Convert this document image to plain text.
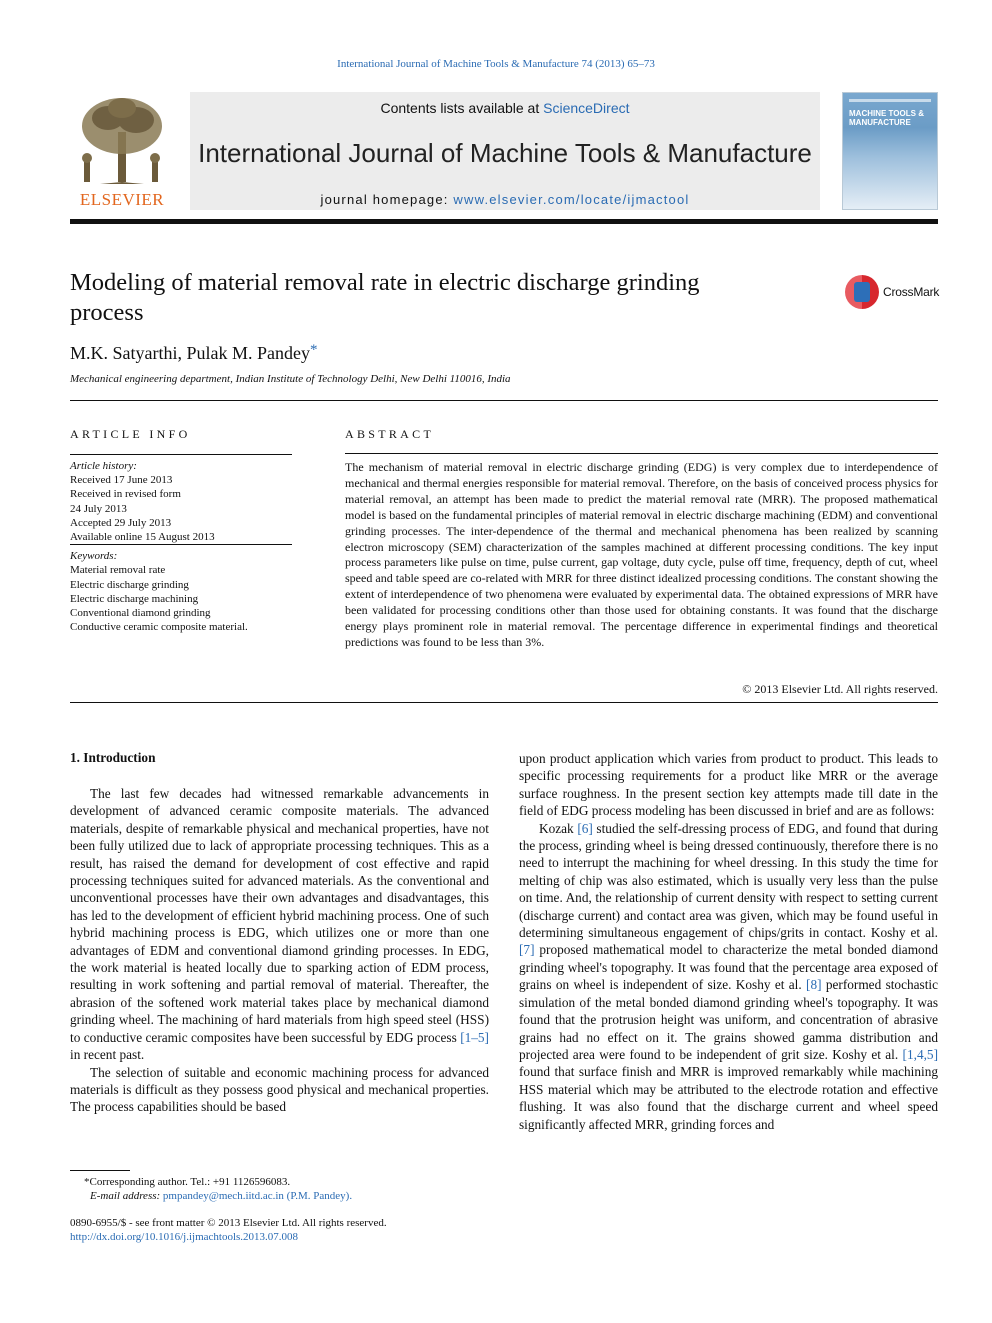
International Journal of Machine Tools & Manufacture 74 (2013) 65–73
ELSEVIER
Contents lists available at ScienceDirect
International Journal of Machine Tools & Manufacture
journal homepage: www.elsevier.com/locate/ijmactool
MACHINE TOOLS & MANUFACTURE
Modeling of material removal rate in electric discharge grinding process
CrossMark
M.K. Satyarthi, Pulak M. Pandey*
Mechanical engineering department, Indian Institute of Technology Delhi, New Delhi 110016, India
ARTICLE INFO
Article history:
Received 17 June 2013
Received in revised form
24 July 2013
Accepted 29 July 2013
Available online 15 August 2013
Keywords:
Material removal rate
Electric discharge grinding
Electric discharge machining
Conventional diamond grinding
Conductive ceramic composite material.
ABSTRACT
The mechanism of material removal in electric discharge grinding (EDG) is very complex due to interdependence of mechanical and thermal energies responsible for material removal. Therefore, on the basis of conceived process physics for material removal, an attempt has been made to predict the material removal rate (MRR). The proposed mathematical model is based on the fundamental principles of material removal in electric discharge machining (EDM) and conventional grinding processes. The inter-dependence of the thermal and mechanical phenomena has been realized by scanning electron microscopy (SEM) characterization of the samples machined at different processing conditions. The key input process parameters like pulse on time, pulse current, gap voltage, duty cycle, pulse off time, frequency, depth of cut, wheel speed and table speed are co-related with MRR for three distinct idealized processing conditions. The constant showing the extent of interdependence of two phenomena were evaluated by experimental data. The obtained expressions of MRR have been validated for processing conditions other than those used for obtaining constants. It was found that the discharge energy plays prominent role in material removal. The percentage difference in experimental findings and theoretical predictions was found to be less than 3%.
© 2013 Elsevier Ltd. All rights reserved.
1. Introduction

The last few decades had witnessed remarkable advancements in development of advanced ceramic composite materials. The advanced materials, despite of remarkable physical and mechanical properties, have not been fully utilized due to lack of appropriate processing techniques. This as a result, has raised the demand for development of cost effective and rapid processing techniques suited for advanced materials. As the conventional and unconventional processes have their own advantages and disadvantages, this has led to the development of efficient hybrid machining process. One of such hybrid machining process is EDG, which utilizes one or more than one advantages of EDM and conventional diamond grinding processes. In EDG, the work material is heated locally due to sparking action of EDM process, resulting in work softening and partial removal of material. Thereafter, the abrasion of the softened work material takes place by mechanical diamond grinding wheel. The machining of hard materials from high speed steel (HSS) to conductive ceramic composites have been successful by EDG process [1–5] in recent past.

The selection of suitable and economic machining process for advanced materials is difficult as they possess good physical and mechanical properties. The process capabilities should be based

upon product application which varies from product to product. This leads to specific processing requirements for a product like MRR or the average surface roughness. In the present section key attempts made till date in the field of EDG process modeling has been discussed in brief and are as follows:

Kozak [6] studied the self-dressing process of EDG, and found that during the process, grinding wheel is being dressed continuously, therefore there is no need to interrupt the machining for wheel dressing. In this study the time for melting of chip was also estimated, which is usually very less than the pulse on time. And, the relationship of current density with respect to setting current (discharge current) and contact area was given, which may be found useful in determining simultaneous engagement of chips/grits in contact. Koshy et al. [7] proposed mathematical model to characterize the metal bonded diamond grinding wheel's topography. It was found that the percentage area exposed of grains on wheel is independent of size. Koshy et al. [8] performed stochastic simulation of the metal bonded diamond grinding wheel's topography. It was found that the protrusion height was uniform, and concentration of abrasive grains had no effect on it. The grains showed gamma distribution and projected area were found to be independent of grit size. Koshy et al. [1,4,5] found that surface finish and MRR is improved remarkably while machining HSS material which may be attributed to the electrode rotation and effective flushing. It was also found that the discharge current and wheel speed significantly affected MRR, grinding forces and

*Corresponding author. Tel.: +91 1126596083.
E-mail address: pmpandey@mech.iitd.ac.in (P.M. Pandey).
0890-6955/$ - see front matter © 2013 Elsevier Ltd. All rights reserved.
http://dx.doi.org/10.1016/j.ijmachtools.2013.07.008
